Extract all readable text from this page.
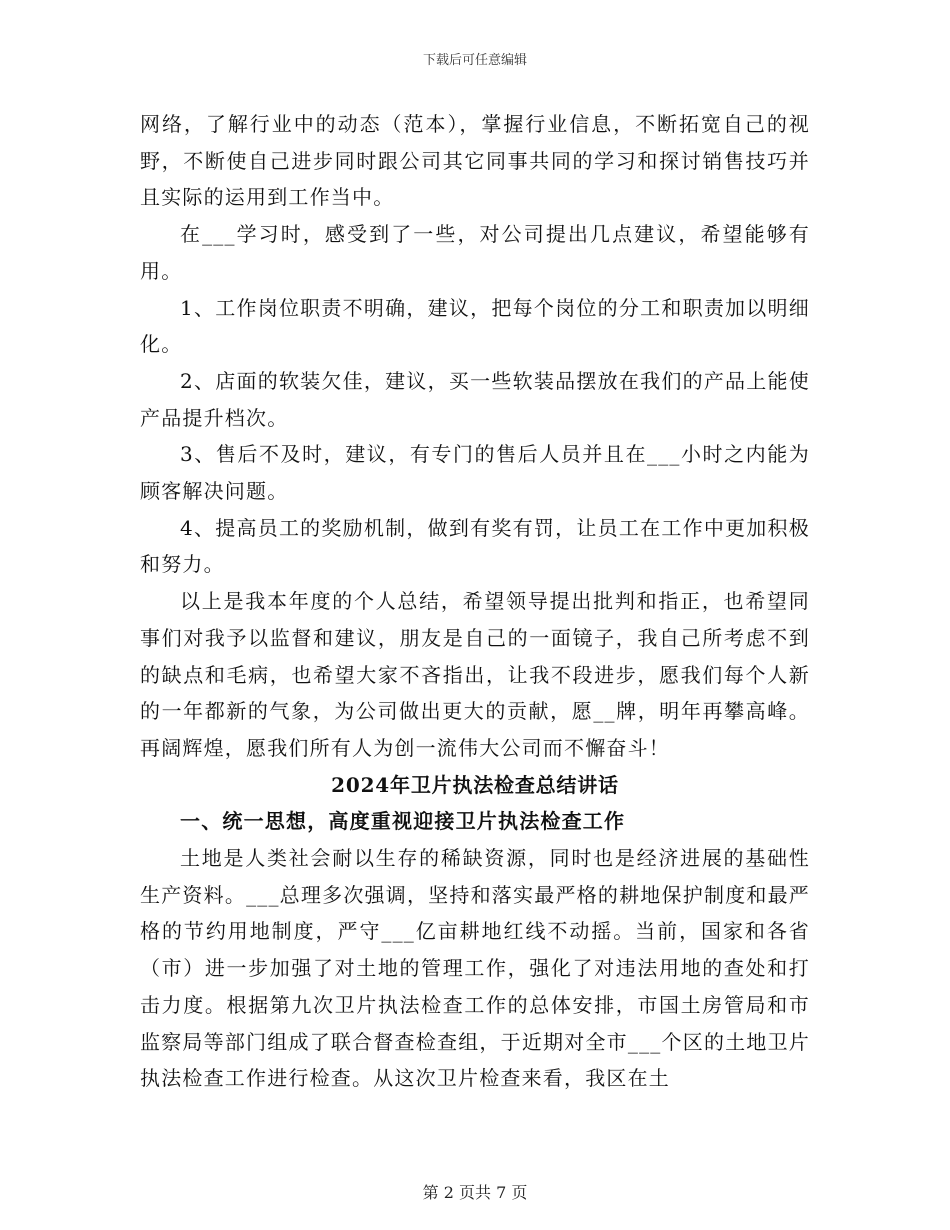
下载后可任意编辑

网络，了解行业中的动态（范本），掌握行业信息，不断拓宽自己的视野，不断使自己进步同时跟公司其它同事共同的学习和探讨销售技巧并且实际的运用到工作当中。

在___学习时，感受到了一些，对公司提出几点建议，希望能够有用。

1、工作岗位职责不明确，建议，把每个岗位的分工和职责加以明细化。

2、店面的软装欠佳，建议，买一些软装品摆放在我们的产品上能使产品提升档次。

3、售后不及时，建议，有专门的售后人员并且在___小时之内能为顾客解决问题。

4、提高员工的奖励机制，做到有奖有罚，让员工在工作中更加积极和努力。

以上是我本年度的个人总结，希望领导提出批判和指正，也希望同事们对我予以监督和建议，朋友是自己的一面镜子，我自己所考虑不到的缺点和毛病，也希望大家不吝指出，让我不段进步，愿我们每个人新的一年都新的气象，为公司做出更大的贡献，愿__牌，明年再攀高峰。再阔辉煌，愿我们所有人为创一流伟大公司而不懈奋斗！

2024年卫片执法检查总结讲话
一、统一思想，高度重视迎接卫片执法检查工作

土地是人类社会耐以生存的稀缺资源，同时也是经济进展的基础性生产资料。___总理多次强调，坚持和落实最严格的耕地保护制度和最严格的节约用地制度，严守___亿亩耕地红线不动摇。当前，国家和各省（市）进一步加强了对土地的管理工作，强化了对违法用地的查处和打击力度。根据第九次卫片执法检查工作的总体安排，市国土房管局和市监察局等部门组成了联合督查检查组，于近期对全市___个区的土地卫片执法检查工作进行检查。从这次卫片检查来看，我区在土

第 2 页共 7 页
